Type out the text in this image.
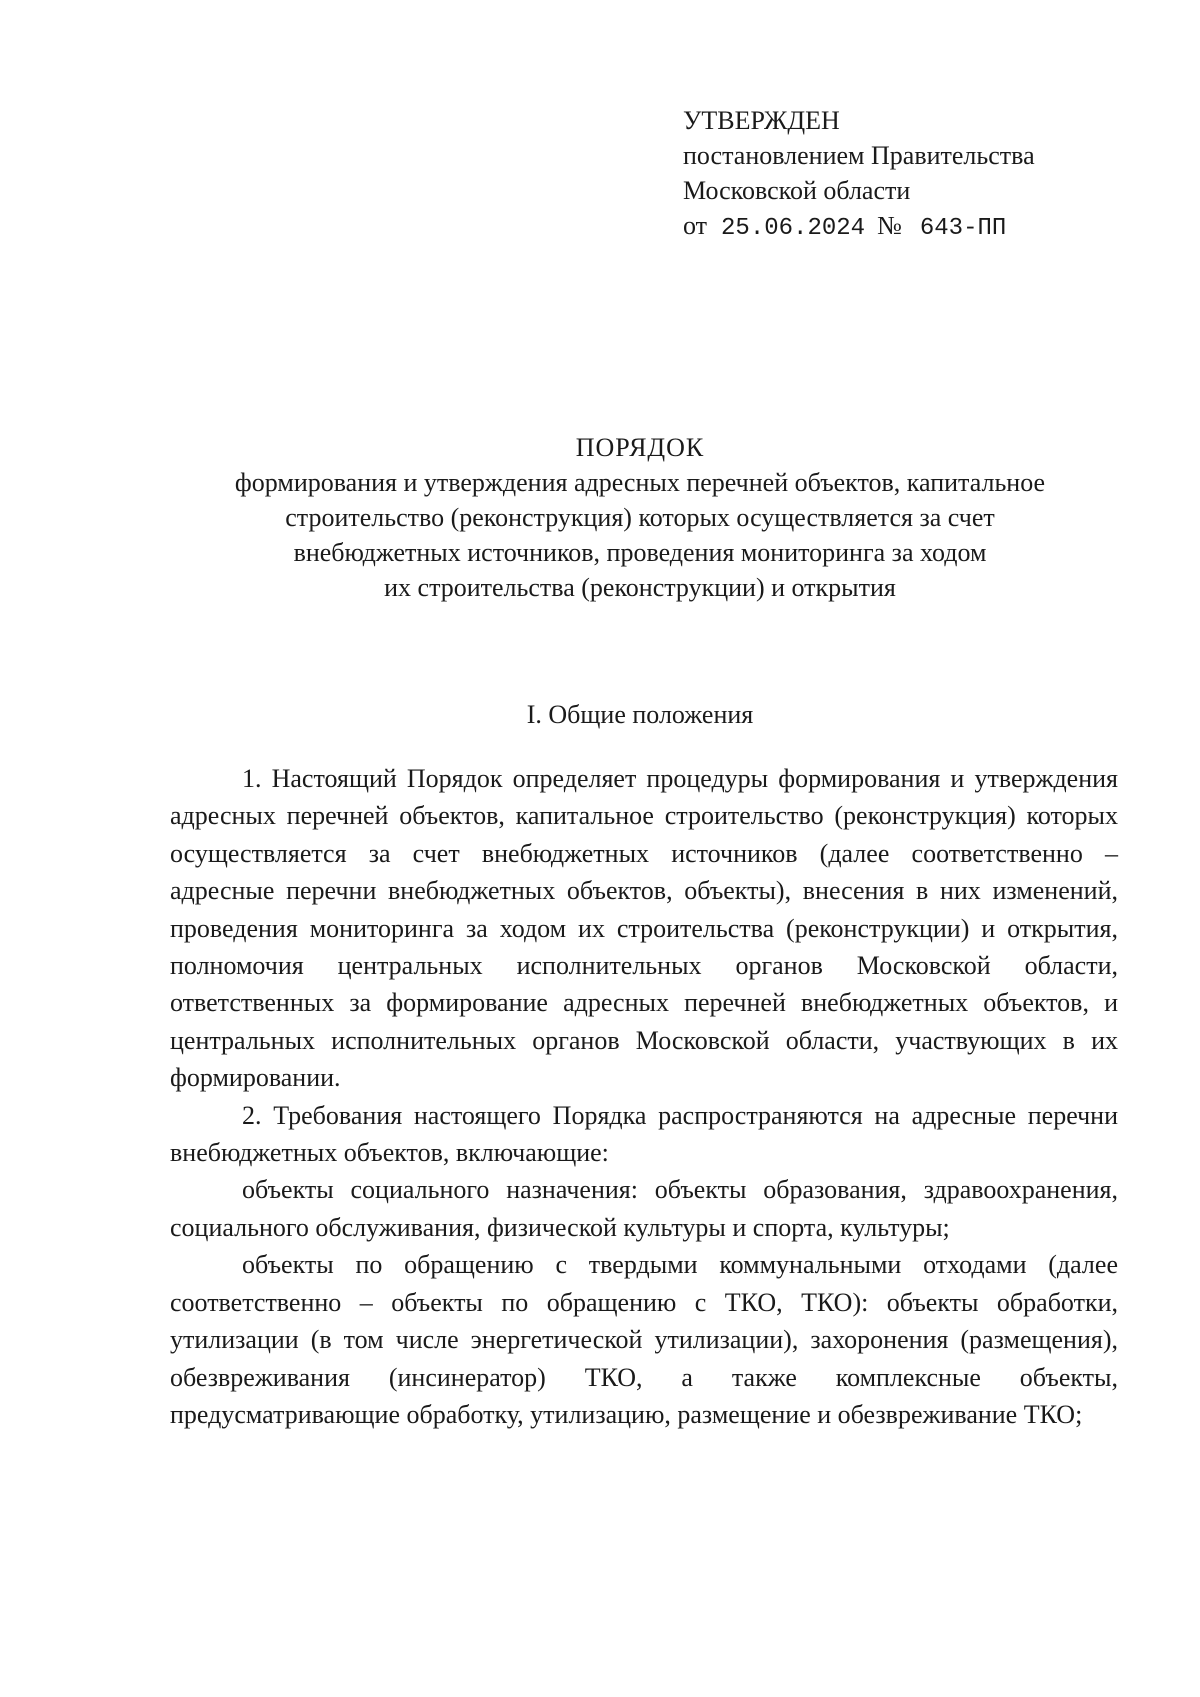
УТВЕРЖДЕН
постановлением Правительства
Московской области
от 25.06.2024 № 643-ПП
ПОРЯДОК
формирования и утверждения адресных перечней объектов, капитальное
строительство (реконструкция) которых осуществляется за счет
внебюджетных источников, проведения мониторинга за ходом
их строительства (реконструкции) и открытия
I. Общие положения

1. Настоящий Порядок определяет процедуры формирования и утверждения адресных перечней объектов, капитальное строительство (реконструкция) которых осуществляется за счет внебюджетных источников (далее соответственно – адресные перечни внебюджетных объектов, объекты), внесения в них изменений, проведения мониторинга за ходом их строительства (реконструкции) и открытия, полномочия центральных исполнительных органов Московской области, ответственных за формирование адресных перечней внебюджетных объектов, и центральных исполнительных органов Московской области, участвующих в их формировании.

2. Требования настоящего Порядка распространяются на адресные перечни внебюджетных объектов, включающие:

объекты социального назначения: объекты образования, здравоохранения, социального обслуживания, физической культуры и спорта, культуры;

объекты по обращению с твердыми коммунальными отходами (далее соответственно – объекты по обращению с ТКО, ТКО): объекты обработки, утилизации (в том числе энергетической утилизации), захоронения (размещения), обезвреживания (инсинератор) ТКО, а также комплексные объекты, предусматривающие обработку, утилизацию, размещение и обезвреживание ТКО;
